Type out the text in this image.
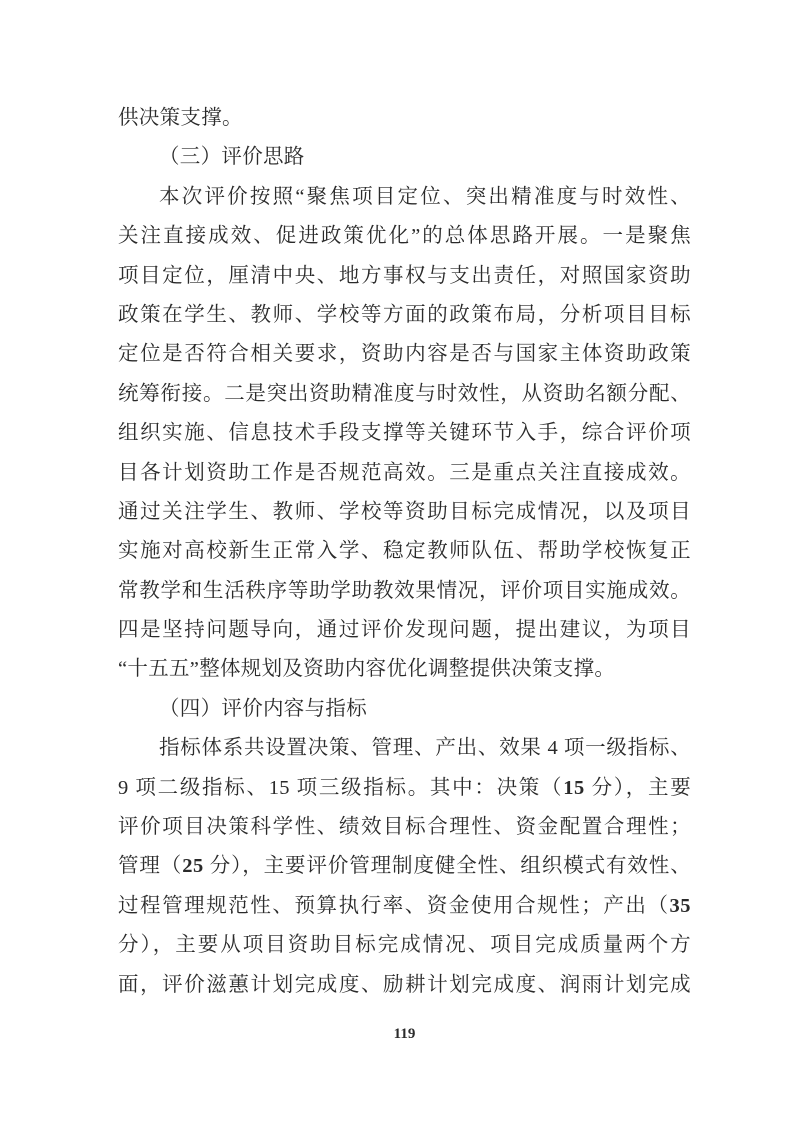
供决策支撑。
（三）评价思路
本次评价按照“聚焦项目定位、突出精准度与时效性、
关注直接成效、促进政策优化”的总体思路开展。一是聚焦
项目定位，厘清中央、地方事权与支出责任，对照国家资助
政策在学生、教师、学校等方面的政策布局，分析项目目标
定位是否符合相关要求，资助内容是否与国家主体资助政策
统筹衔接。二是突出资助精准度与时效性，从资助名额分配、
组织实施、信息技术手段支撑等关键环节入手，综合评价项
目各计划资助工作是否规范高效。三是重点关注直接成效。
通过关注学生、教师、学校等资助目标完成情况，以及项目
实施对高校新生正常入学、稳定教师队伍、帮助学校恢复正
常教学和生活秩序等助学助教效果情况，评价项目实施成效。
四是坚持问题导向，通过评价发现问题，提出建议，为项目
“十五五”整体规划及资助内容优化调整提供决策支撑。
（四）评价内容与指标
指标体系共设置决策、管理、产出、效果 4 项一级指标、
9 项二级指标、15 项三级指标。其中：决策（15 分），主要
评价项目决策科学性、绩效目标合理性、资金配置合理性；
管理（25 分），主要评价管理制度健全性、组织模式有效性、
过程管理规范性、预算执行率、资金使用合规性；产出（35
分），主要从项目资助目标完成情况、项目完成质量两个方
面，评价滋蕙计划完成度、励耕计划完成度、润雨计划完成
119
